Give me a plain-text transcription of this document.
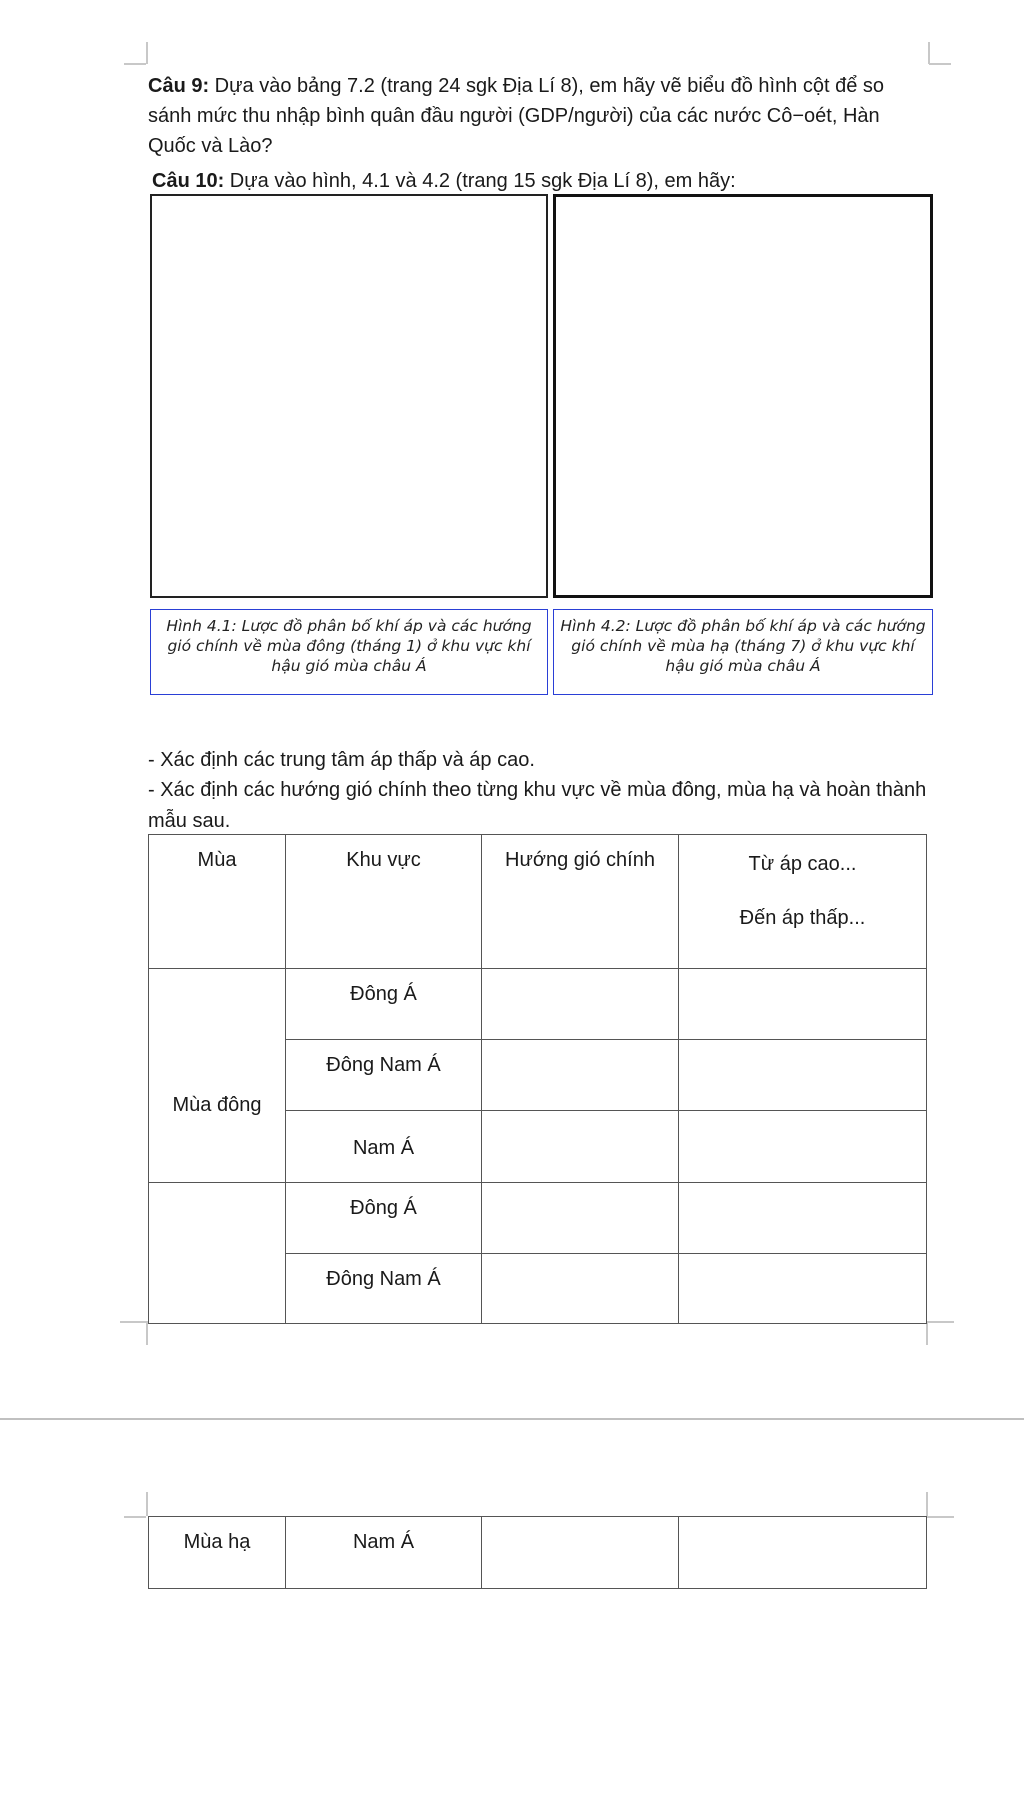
Câu 9: Dựa vào bảng 7.2 (trang 24 sgk Địa Lí 8), em hãy vẽ biểu đồ hình cột để so sánh mức thu nhập bình quân đầu người (GDP/người) của các nước Cô−oét, Hàn Quốc và Lào?
Câu 10: Dựa vào hình, 4.1 và 4.2 (trang 15 sgk Địa Lí 8), em hãy:
Hình 4.1: Lược đồ phân bố khí áp và các hướng gió chính về mùa đông (tháng 1) ở khu vực khí hậu gió mùa châu Á
Hình 4.2: Lược đồ phân bố khí áp và các hướng gió chính về mùa hạ (tháng 7) ở khu vực khí hậu gió mùa châu Á
- Xác định các trung tâm áp thấp và áp cao.
- Xác định các hướng gió chính theo từng khu vực về mùa đông, mùa hạ và hoàn thành mẫu sau.
Mùa	Khu vực	Hướng gió chính	Từ áp cao...
Đến áp thấp...

Mùa đông	Đông Á		
	Đông Nam Á		
	Nam Á		
	Đông Á		
	Đông Nam Á		
Mùa hạ	Nam Á		
